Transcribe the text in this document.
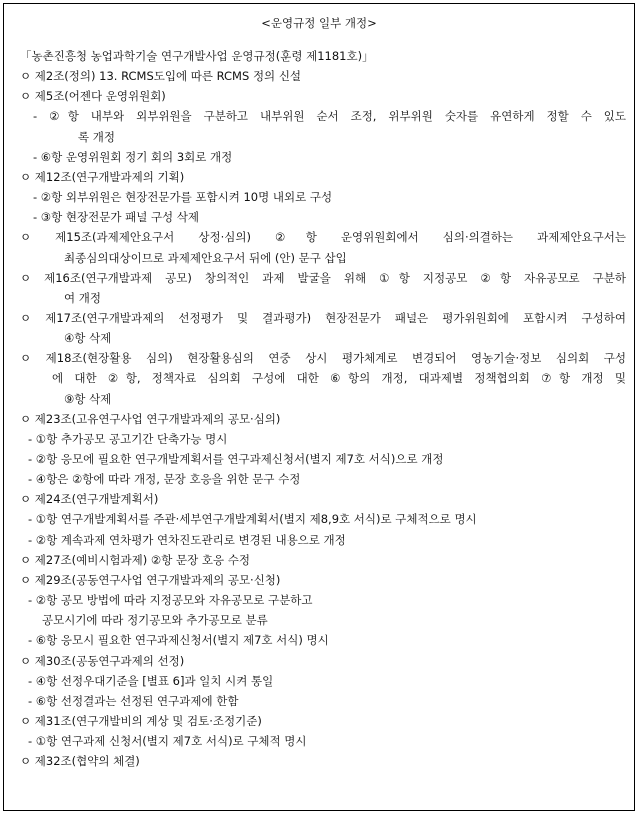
<운영규정 일부 개정>
「농촌진흥청 농업과학기술 연구개발사업 운영규정(훈령 제1181호)」
ㅇ 제2조(정의) 13. RCMS도입에 따른 RCMS 정의 신설
ㅇ 제5조(어젠다 운영위원회)
- ②항 내부와 외부위원을 구분하고 내부위원 순서 조정, 위부위원 숫자를 유연하게 정할 수 있도
록 개정
- ⑥항 운영위원회 정기 회의 3회로 개정
ㅇ 제12조(연구개발과제의 기획)
- ②항 외부위원은 현장전문가를 포함시켜 10명 내외로 구성
- ③항 현장전문가 패널 구성 삭제
ㅇ 제15조(과제제안요구서 상정·심의) ②항 운영위원회에서 심의·의결하는 과제제안요구서는
최종심의대상이므로 과제제안요구서 뒤에 (안) 문구 삽입
ㅇ 제16조(연구개발과제 공모) 창의적인 과제 발굴을 위해 ①항 지정공모 ②항 자유공모로 구분하
여 개정
ㅇ 제17조(연구개발과제의 선정평가 및 결과평가) 현장전문가 패널은 평가위원회에 포함시켜 구성하여
④항 삭제
ㅇ 제18조(현장활용 심의) 현장활용심의 연중 상시 평가체계로 변경되어 영농기술·정보 심의회 구성
에 대한 ②항, 정책자료 심의회 구성에 대한 ⑥항의 개정, 대과제별 정책협의회 ⑦항 개정 및
⑨항 삭제
ㅇ 제23조(고유연구사업 연구개발과제의 공모·심의)
- ①항 추가공모 공고기간 단축가능 명시
- ②항 응모에 필요한 연구개발계획서를 연구과제신청서(별지 제7호 서식)으로 개정
- ④항은 ②항에 따라 개정, 문장 호응을 위한 문구 수정
ㅇ 제24조(연구개발계획서)
- ①항 연구개발계획서를 주관·세부연구개발계획서(별지 제8,9호 서식)로 구체적으로 명시
- ②항 계속과제 연차평가 연차진도관리로 변경된 내용으로 개정
ㅇ 제27조(예비시험과제) ②항 문장 호응 수정
ㅇ 제29조(공동연구사업 연구개발과제의 공모·신청)
- ②항 공모 방법에 따라 지정공모와 자유공모로 구분하고
공모시기에 따라 정기공모와 추가공모로 분류
- ⑥항 응모시 필요한 연구과제신청서(별지 제7호 서식) 명시
ㅇ 제30조(공동연구과제의 선정)
- ④항 선정우대기준을 [별표 6]과 일치 시켜 통일
- ⑥항 선정결과는 선정된 연구과제에 한함
ㅇ 제31조(연구개발비의 계상 및 검토·조정기준)
- ①항 연구과제 신청서(별지 제7호 서식)로 구체적 명시
ㅇ 제32조(협약의 체결)
